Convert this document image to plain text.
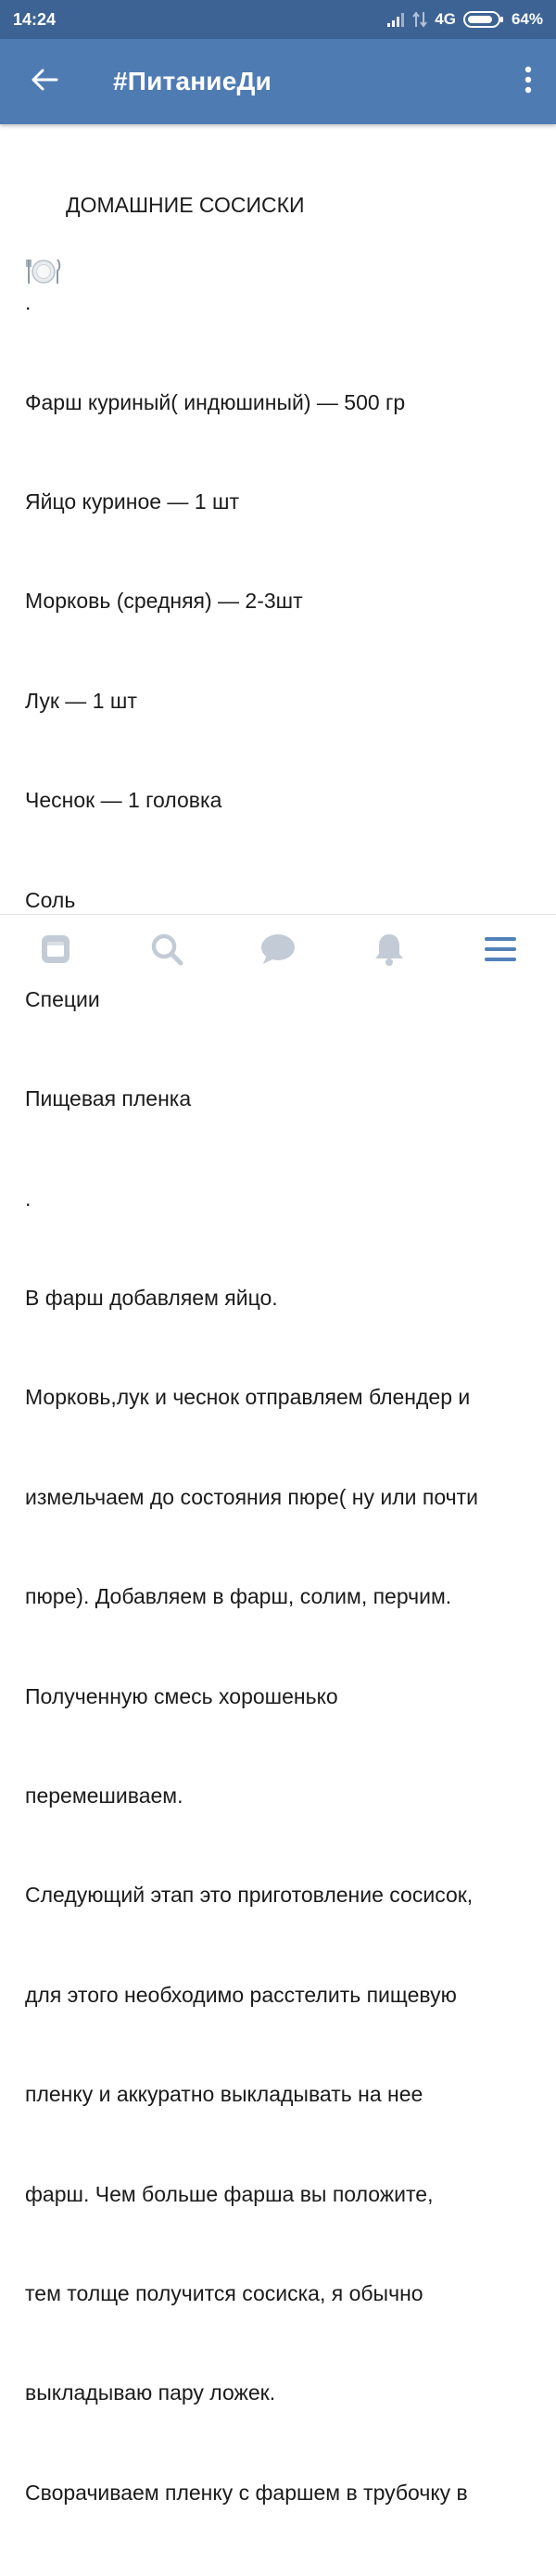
14:24	4G	64%
#ПитаниеДи

ДОМАШНИЕ СОСИСКИ

.

Фарш куриный( индюшиный) — 500 гр

Яйцо куриное — 1 шт

Морковь (средняя) — 2-3шт

Лук — 1 шт

Чеснок — 1 головка

Соль

Специи

Пищевая пленка

.

В фарш добавляем яйцо.

Морковь,лук и чеснок отправляем блендер и

измельчаем до состояния пюре( ну или почти

пюре). Добавляем в фарш, солим, перчим.

Полученную смесь хорошенько

перемешиваем.

Следующий этап это приготовление сосисок,

для этого необходимо расстелить пищевую

пленку и аккуратно выкладывать на нее

фарш. Чем больше фарша вы положите,

тем толще получится сосиска, я обычно

выкладываю пару ложек.

Сворачиваем пленку с фаршем в трубочку в
